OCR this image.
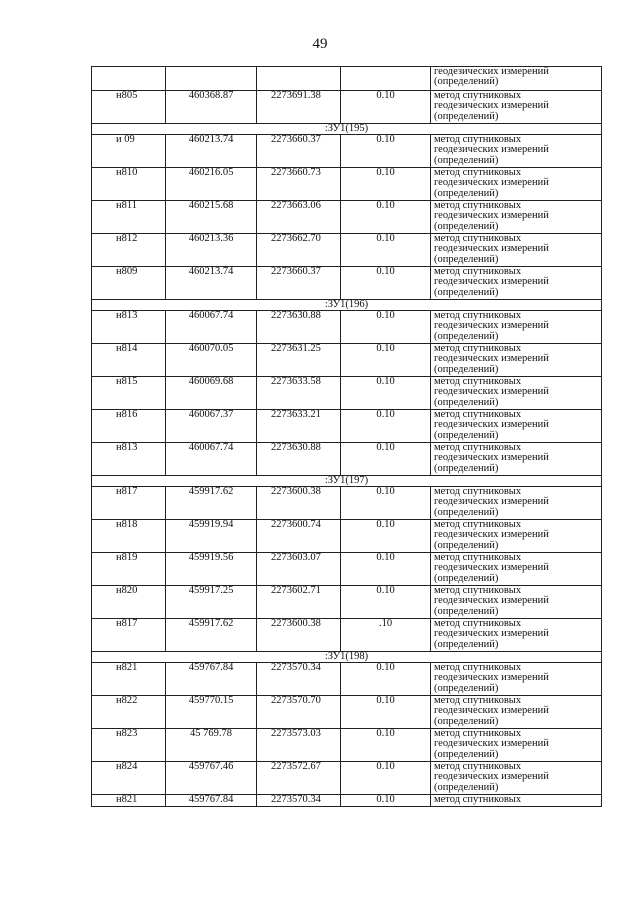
49

				геодезических измерений
(определений)

н805	460368.87	2273691.38	0.10	метод спутниковых
геодезических измерений
(определений)

:ЗУ1(195)				
и 09	460213.74	2273660.37	0.10	метод спутниковых
геодезических измерений
(определений)

н810	460216.05	2273660.73	0.10	метод спутниковых
геодезических измерений
(определений)

н811	460215.68	2273663.06	0.10	метод спутниковых
геодезических измерений
(определений)

н812	460213.36	2273662.70	0.10	метод спутниковых
геодезических измерений
(определений)

н809	460213.74	2273660.37	0.10	метод спутниковых
геодезических измерений
(определений)

:ЗУ1(196)				
н813	460067.74	2273630.88	0.10	метод спутниковых
геодезических измерений
(определений)

н814	460070.05	2273631.25	0.10	метод спутниковых
геодезических измерений
(определений)

н815	460069.68	2273633.58	0.10	метод спутниковых
геодезических измерений
(определений)

н816	460067.37	2273633.21	0.10	метод спутниковых
геодезических измерений
(определений)

н813	460067.74	2273630.88	0.10	метод спутниковых
геодезических измерений
(определений)

:ЗУ1(197)				
н817	459917.62	2273600.38	0.10	метод спутниковых
геодезических измерений
(определений)

н818	459919.94	2273600.74	0.10	метод спутниковых
геодезических измерений
(определений)

н819	459919.56	2273603.07	0.10	метод спутниковых
геодезических измерений
(определений)

н820	459917.25	2273602.71	0.10	метод спутниковых
геодезических измерений
(определений)

н817	459917.62	2273600.38	.10	метод спутниковых
геодезических измерений
(определений)

:ЗУ1(198)				
н821	459767.84	2273570.34	0.10	метод спутниковых
геодезических измерений
(определений)

н822	459770.15	2273570.70	0.10	метод спутниковых
геодезических измерений
(определений)

н823	45 769.78	2273573.03	0.10	метод спутниковых
геодезических измерений
(определений)

н824	459767.46	2273572.67	0.10	метод спутниковых
геодезических измерений
(определений)

н821	459767.84	2273570.34	0.10	метод спутниковых
